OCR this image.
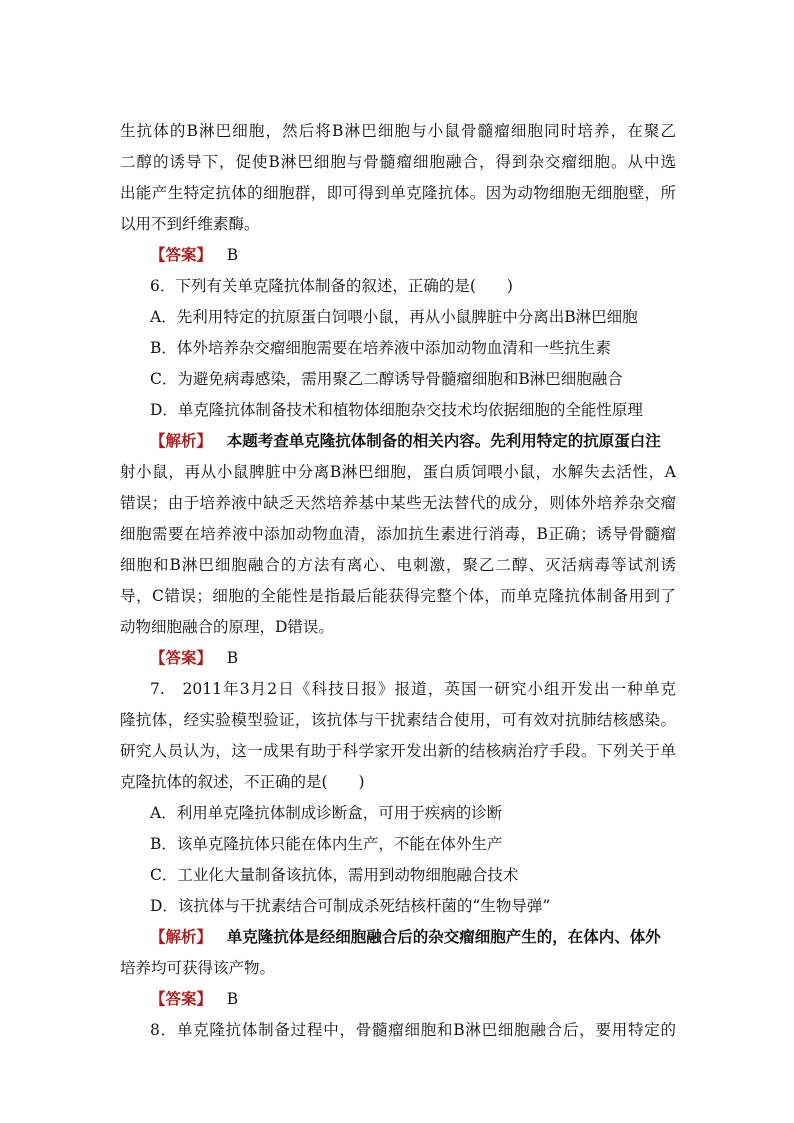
生抗体的B淋巴细胞，然后将B淋巴细胞与小鼠骨髓瘤细胞同时培养，在聚乙
二醇的诱导下，促使B淋巴细胞与骨髓瘤细胞融合，得到杂交瘤细胞。从中选
出能产生特定抗体的细胞群，即可得到单克隆抗体。因为动物细胞无细胞壁，所
以用不到纤维素酶。
【答案】 B
6．下列有关单克隆抗体制备的叙述，正确的是(　　)
A．先利用特定的抗原蛋白饲喂小鼠，再从小鼠脾脏中分离出B淋巴细胞
B．体外培养杂交瘤细胞需要在培养液中添加动物血清和一些抗生素
C．为避免病毒感染，需用聚乙二醇诱导骨髓瘤细胞和B淋巴细胞融合
D．单克隆抗体制备技术和植物体细胞杂交技术均依据细胞的全能性原理
【解析】 本题考查单克隆抗体制备的相关内容。先利用特定的抗原蛋白注
射小鼠，再从小鼠脾脏中分离B淋巴细胞，蛋白质饲喂小鼠，水解失去活性，A
错误；由于培养液中缺乏天然培养基中某些无法替代的成分，则体外培养杂交瘤
细胞需要在培养液中添加动物血清，添加抗生素进行消毒，B正确；诱导骨髓瘤
细胞和B淋巴细胞融合的方法有离心、电刺激，聚乙二醇、灭活病毒等试剂诱
导，C错误；细胞的全能性是指最后能获得完整个体，而单克隆抗体制备用到了
动物细胞融合的原理，D错误。
【答案】 B
7.　2011年3月2日《科技日报》报道，英国一研究小组开发出一种单克
隆抗体，经实验模型验证，该抗体与干扰素结合使用，可有效对抗肺结核感染。
研究人员认为，这一成果有助于科学家开发出新的结核病治疗手段。下列关于单
克隆抗体的叙述，不正确的是(　　)
A．利用单克隆抗体制成诊断盒，可用于疾病的诊断
B．该单克隆抗体只能在体内生产，不能在体外生产
C．工业化大量制备该抗体，需用到动物细胞融合技术
D．该抗体与干扰素结合可制成杀死结核杆菌的“生物导弹”
【解析】 单克隆抗体是经细胞融合后的杂交瘤细胞产生的，在体内、体外
培养均可获得该产物。
【答案】 B
8．单克隆抗体制备过程中，骨髓瘤细胞和B淋巴细胞融合后，要用特定的
